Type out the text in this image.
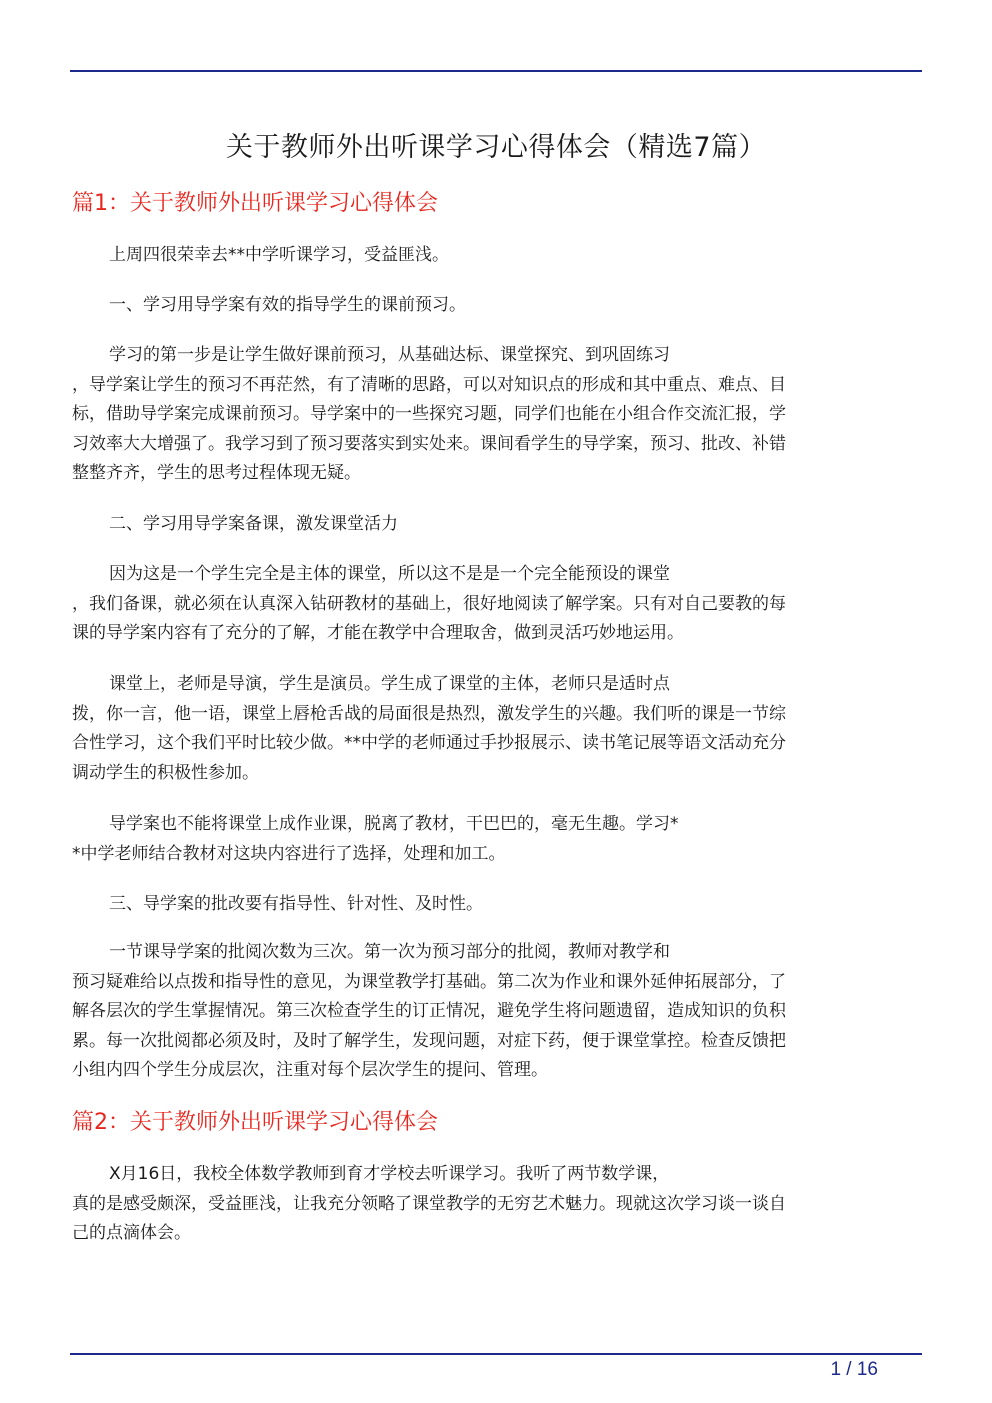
关于教师外出听课学习心得体会（精选7篇）
篇1：关于教师外出听课学习心得体会

上周四很荣幸去**中学听课学习，受益匪浅。

一、学习用导学案有效的指导学生的课前预习。

学习的第一步是让学生做好课前预习，从基础达标、课堂探究、到巩固练习
，导学案让学生的预习不再茫然，有了清晰的思路，可以对知识点的形成和其中重点、难点、目
标，借助导学案完成课前预习。导学案中的一些探究习题，同学们也能在小组合作交流汇报，学
习效率大大增强了。我学习到了预习要落实到实处来。课间看学生的导学案，预习、批改、补错
整整齐齐，学生的思考过程体现无疑。

二、学习用导学案备课，激发课堂活力

因为这是一个学生完全是主体的课堂，所以这不是是一个完全能预设的课堂
，我们备课，就必须在认真深入钻研教材的基础上，很好地阅读了解学案。只有对自己要教的每
课的导学案内容有了充分的了解，才能在教学中合理取舍，做到灵活巧妙地运用。

课堂上，老师是导演，学生是演员。学生成了课堂的主体，老师只是适时点
拨，你一言，他一语，课堂上唇枪舌战的局面很是热烈，激发学生的兴趣。我们听的课是一节综
合性学习，这个我们平时比较少做。**中学的老师通过手抄报展示、读书笔记展等语文活动充分
调动学生的积极性参加。

导学案也不能将课堂上成作业课，脱离了教材，干巴巴的，毫无生趣。学习*
*中学老师结合教材对这块内容进行了选择，处理和加工。

三、导学案的批改要有指导性、针对性、及时性。

一节课导学案的批阅次数为三次。第一次为预习部分的批阅，教师对教学和
预习疑难给以点拨和指导性的意见，为课堂教学打基础。第二次为作业和课外延伸拓展部分，了
解各层次的学生掌握情况。第三次检查学生的订正情况，避免学生将问题遗留，造成知识的负积
累。每一次批阅都必须及时，及时了解学生，发现问题，对症下药，便于课堂掌控。检查反馈把
小组内四个学生分成层次，注重对每个层次学生的提问、管理。

篇2：关于教师外出听课学习心得体会

X月16日，我校全体数学教师到育才学校去听课学习。我听了两节数学课，
真的是感受颇深，受益匪浅，让我充分领略了课堂教学的无穷艺术魅力。现就这次学习谈一谈自
己的点滴体会。

1 / 16
